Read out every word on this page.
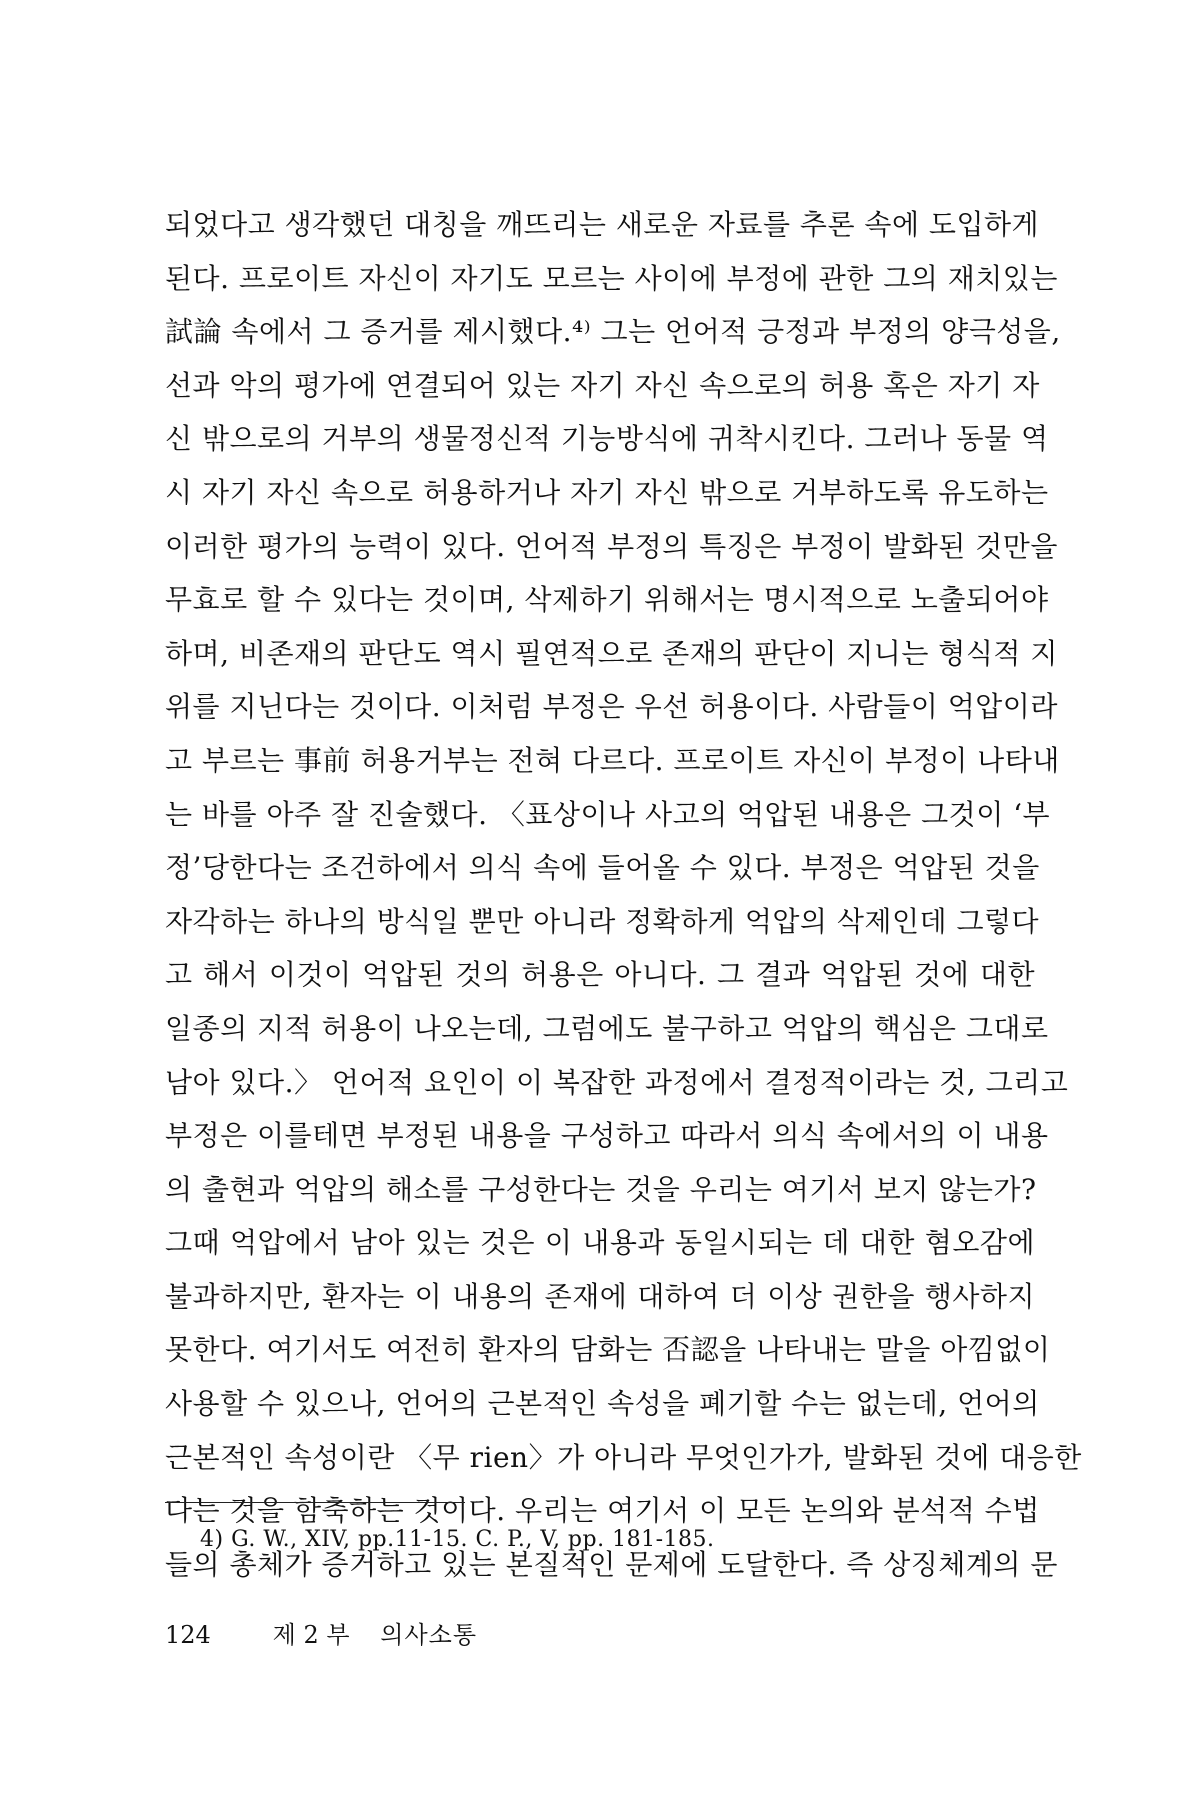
되었다고 생각했던 대칭을 깨뜨리는 새로운 자료를 추론 속에 도입하게
된다. 프로이트 자신이 자기도 모르는 사이에 부정에 관한 그의 재치있는
試論 속에서 그 증거를 제시했다.⁴⁾ 그는 언어적 긍정과 부정의 양극성을,
선과 악의 평가에 연결되어 있는 자기 자신 속으로의 허용 혹은 자기 자
신 밖으로의 거부의 생물정신적 기능방식에 귀착시킨다. 그러나 동물 역
시 자기 자신 속으로 허용하거나 자기 자신 밖으로 거부하도록 유도하는
이러한 평가의 능력이 있다. 언어적 부정의 특징은 부정이 발화된 것만을
무효로 할 수 있다는 것이며, 삭제하기 위해서는 명시적으로 노출되어야
하며, 비존재의 판단도 역시 필연적으로 존재의 판단이 지니는 형식적 지
위를 지닌다는 것이다. 이처럼 부정은 우선 허용이다. 사람들이 억압이라
고 부르는 事前 허용거부는 전혀 다르다. 프로이트 자신이 부정이 나타내
는 바를 아주 잘 진술했다. 〈표상이나 사고의 억압된 내용은 그것이 ‘부
정’당한다는 조건하에서 의식 속에 들어올 수 있다. 부정은 억압된 것을
자각하는 하나의 방식일 뿐만 아니라 정확하게 억압의 삭제인데 그렇다
고 해서 이것이 억압된 것의 허용은 아니다. 그 결과 억압된 것에 대한
일종의 지적 허용이 나오는데, 그럼에도 불구하고 억압의 핵심은 그대로
남아 있다.〉 언어적 요인이 이 복잡한 과정에서 결정적이라는 것, 그리고
부정은 이를테면 부정된 내용을 구성하고 따라서 의식 속에서의 이 내용
의 출현과 억압의 해소를 구성한다는 것을 우리는 여기서 보지 않는가?
그때 억압에서 남아 있는 것은 이 내용과 동일시되는 데 대한 혐오감에
불과하지만, 환자는 이 내용의 존재에 대하여 더 이상 권한을 행사하지
못한다. 여기서도 여전히 환자의 담화는 否認을 나타내는 말을 아낌없이
사용할 수 있으나, 언어의 근본적인 속성을 폐기할 수는 없는데, 언어의
근본적인 속성이란 〈무 rien〉가 아니라 무엇인가가, 발화된 것에 대응한
다는 것을 함축하는 것이다. 우리는 여기서 이 모든 논의와 분석적 수법
들의 총체가 증거하고 있는 본질적인 문제에 도달한다. 즉 상징체계의 문
4) G. W., XIV, pp.11-15. C. P., V, pp. 181-185.
124	제 2 부 의사소통
